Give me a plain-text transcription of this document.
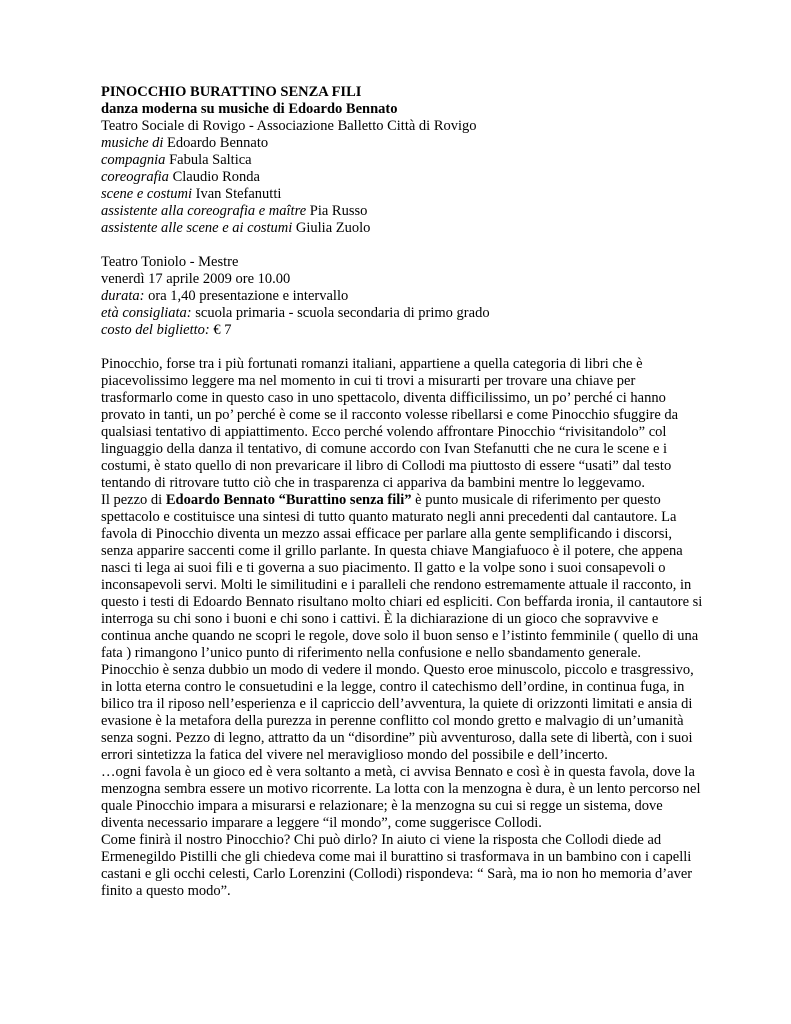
PINOCCHIO BURATTINO SENZA FILI
danza moderna su musiche di Edoardo Bennato
Teatro Sociale di Rovigo - Associazione Balletto Città di Rovigo
musiche di Edoardo Bennato
compagnia Fabula Saltica
coreografia Claudio Ronda
scene e costumi Ivan Stefanutti
assistente alla coreografia e maître Pia Russo
assistente alle scene e ai costumi Giulia Zuolo
Teatro Toniolo - Mestre
venerdì 17 aprile 2009 ore 10.00
durata: ora 1,40 presentazione e intervallo
età consigliata: scuola primaria - scuola secondaria di primo grado
costo del biglietto: € 7

Pinocchio, forse tra i più fortunati romanzi italiani, appartiene a quella categoria di libri che è piacevolissimo leggere ma nel momento in cui ti trovi a misurarti per trovare una chiave per trasformarlo come in questo caso in uno spettacolo, diventa difficilissimo, un po’ perché ci hanno provato in tanti, un po’ perché è come se il racconto volesse ribellarsi e come Pinocchio sfuggire da qualsiasi tentativo di appiattimento. Ecco perché volendo affrontare Pinocchio “rivisitandolo” col linguaggio della danza il tentativo, di comune accordo con Ivan Stefanutti che ne cura le scene e i costumi, è stato quello di non prevaricare il libro di Collodi ma piuttosto di essere “usati” dal testo tentando di ritrovare tutto ciò che in trasparenza ci appariva da bambini mentre lo leggevamo.

Il pezzo di Edoardo Bennato “Burattino senza fili” è punto musicale di riferimento per questo spettacolo e costituisce una sintesi di tutto quanto maturato negli anni precedenti dal cantautore. La favola di Pinocchio diventa un mezzo assai efficace per parlare alla gente semplificando i discorsi, senza apparire saccenti come il grillo parlante. In questa chiave Mangiafuoco è il potere, che appena nasci ti lega ai suoi fili e ti governa a suo piacimento. Il gatto e la volpe sono i suoi consapevoli o inconsapevoli servi. Molti le similitudini e i paralleli che rendono estremamente attuale il racconto, in questo i testi di Edoardo Bennato risultano molto chiari ed espliciti. Con beffarda ironia, il cantautore si interroga su chi sono i buoni e chi sono i cattivi. È la dichiarazione di un gioco che sopravvive e continua anche quando ne scopri le regole, dove solo il buon senso e l’istinto femminile ( quello di una fata ) rimangono l’unico punto di riferimento nella confusione e nello sbandamento generale.

Pinocchio è senza dubbio un modo di vedere il mondo. Questo eroe minuscolo, piccolo e trasgressivo, in lotta eterna contro le consuetudini e la legge, contro il catechismo dell’ordine, in continua fuga, in bilico tra il riposo nell’esperienza e il capriccio dell’avventura, la quiete di orizzonti limitati e ansia di evasione è la metafora della purezza in perenne conflitto col mondo gretto e malvagio di un’umanità senza sogni. Pezzo di legno, attratto da un “disordine” più avventuroso, dalla sete di libertà, con i suoi errori sintetizza la fatica del vivere nel meraviglioso mondo del possibile e dell’incerto.

…ogni favola è un gioco ed è vera soltanto a metà, ci avvisa Bennato e così è in questa favola, dove la menzogna sembra essere un motivo ricorrente. La lotta con la menzogna è dura, è un lento percorso nel quale Pinocchio impara a misurarsi e relazionare; è la menzogna su cui si regge un sistema, dove diventa necessario imparare a leggere “il mondo”, come suggerisce Collodi.

Come finirà il nostro Pinocchio? Chi può dirlo? In aiuto ci viene la risposta che Collodi diede ad Ermenegildo Pistilli che gli chiedeva come mai il burattino si trasformava in un bambino con i capelli castani e gli occhi celesti, Carlo Lorenzini (Collodi) rispondeva: “ Sarà, ma io non ho memoria d’aver finito a questo modo”.
